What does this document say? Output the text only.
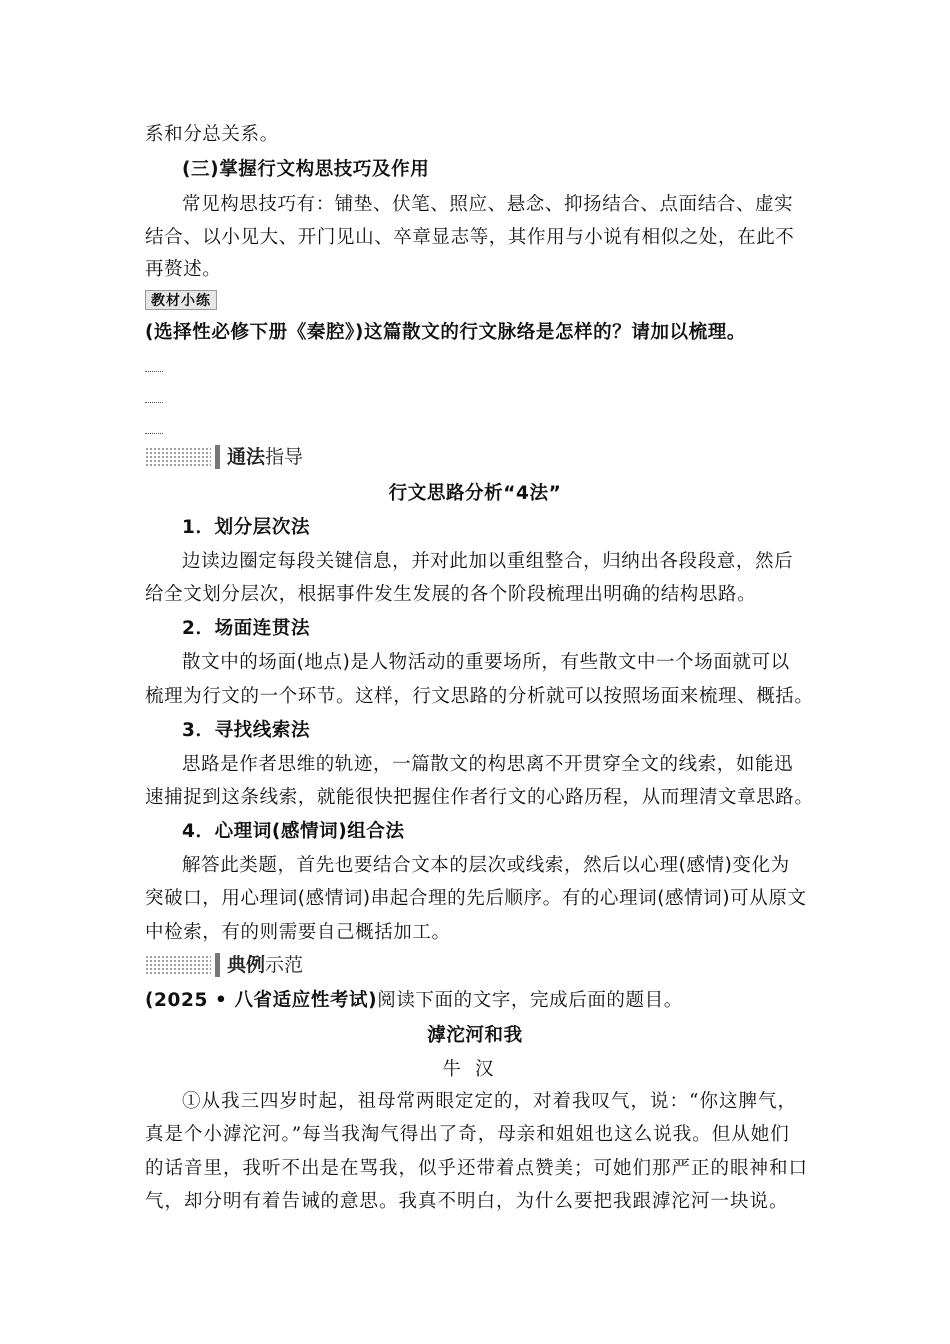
系和分总关系。
(三)掌握行文构思技巧及作用
常见构思技巧有：铺垫、伏笔、照应、悬念、抑扬结合、点面结合、虚实
结合、以小见大、开门见山、卒章显志等，其作用与小说有相似之处，在此不
再赘述。
教材小练
(选择性必修下册《秦腔》)这篇散文的行文脉络是怎样的？请加以梳理。
通法指导
行文思路分析“4法”
1．划分层次法
边读边圈定每段关键信息，并对此加以重组整合，归纳出各段段意，然后
给全文划分层次，根据事件发生发展的各个阶段梳理出明确的结构思路。
2．场面连贯法
散文中的场面(地点)是人物活动的重要场所，有些散文中一个场面就可以
梳理为行文的一个环节。这样，行文思路的分析就可以按照场面来梳理、概括。
3．寻找线索法
思路是作者思维的轨迹，一篇散文的构思离不开贯穿全文的线索，如能迅
速捕捉到这条线索，就能很快把握住作者行文的心路历程，从而理清文章思路。
4．心理词(感情词)组合法
解答此类题，首先也要结合文本的层次或线索，然后以心理(感情)变化为
突破口，用心理词(感情词)串起合理的先后顺序。有的心理词(感情词)可从原文
中检索，有的则需要自己概括加工。
典例示范
(2025 • 八省适应性考试)阅读下面的文字，完成后面的题目。
滹沱河和我
牛汉
①从我三四岁时起，祖母常两眼定定的，对着我叹气，说：“你这脾气，
真是个小滹沱河。”每当我淘气得出了奇，母亲和姐姐也这么说我。但从她们
的话音里，我听不出是在骂我，似乎还带着点赞美；可她们那严正的眼神和口
气，却分明有着告诫的意思。我真不明白，为什么要把我跟滹沱河一块说。
